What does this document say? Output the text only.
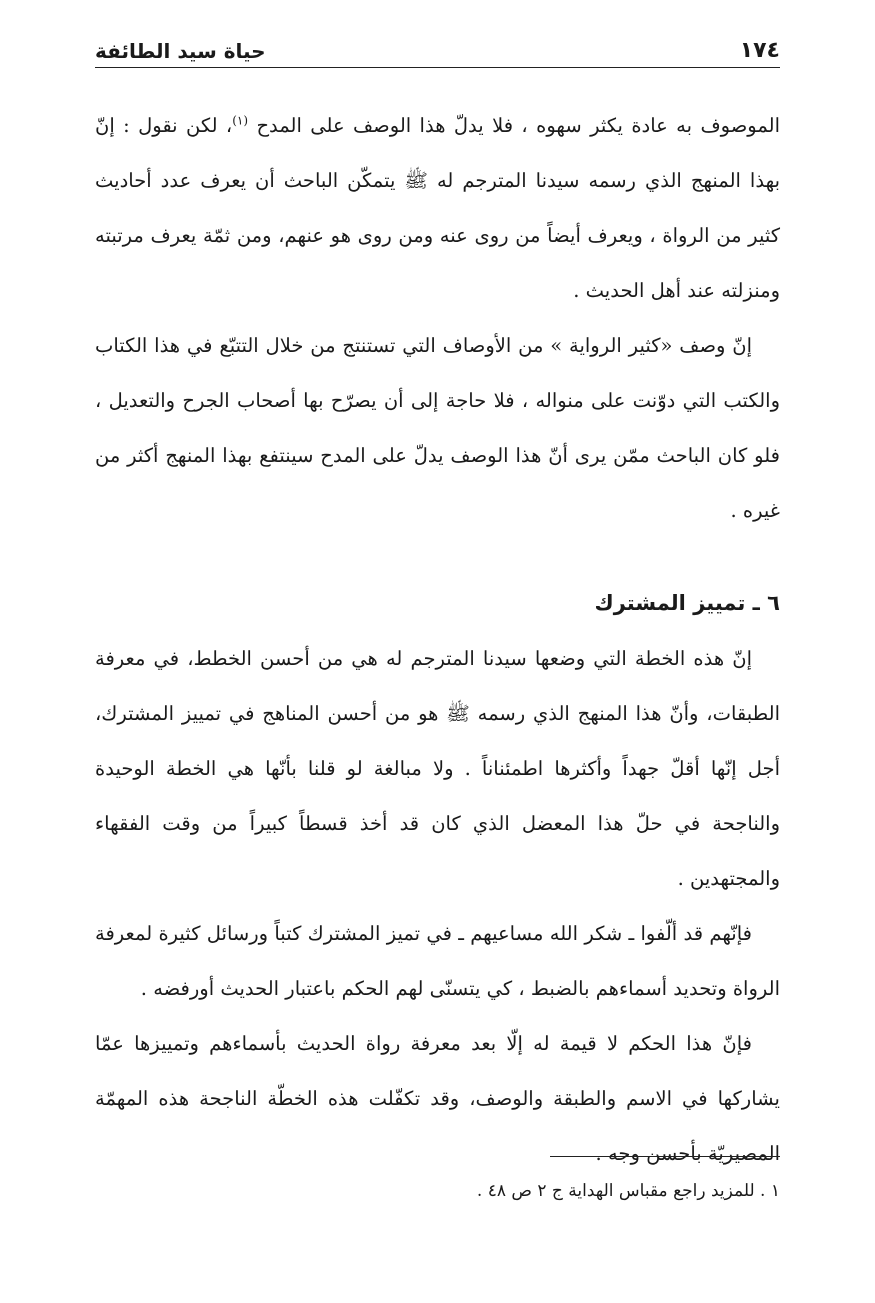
١٧٤
حياة سيد الطائفة

الموصوف به عادة يكثر سهوه ، فلا يدلّ هذا الوصف على المدح $^{(١)}$، لكن نقول : إنّ بهذا المنهج الذي رسمه سيدنا المترجم له ﷺ يتمكّن الباحث أن يعرف عدد أحاديث كثير من الرواة ، ويعرف أيضاً من روى عنه ومن روى هو عنهم، ومن ثمّة يعرف مرتبته ومنزلته عند أهل الحديث .

إنّ وصف «كثير الرواية » من الأوصاف التي تستنتج من خلال التتبّع في هذا الكتاب والكتب التي دوّنت على منواله ، فلا حاجة إلى أن يصرّح بها أصحاب الجرح والتعديل ، فلو كان الباحث ممّن يرى أنّ هذا الوصف يدلّ على المدح سينتفع بهذا المنهج أكثر من غيره .

٦ ـ تمييز المشترك

إنّ هذه الخطة التي وضعها سيدنا المترجم له هي من أحسن الخطط، في معرفة الطبقات، وأنّ هذا المنهج الذي رسمه ﷺ هو من أحسن المناهج في تمييز المشترك، أجل إنّها أقلّ جهداً وأكثرها اطمئناناً . ولا مبالغة لو قلنا بأنّها هي الخطة الوحيدة والناجحة في حلّ هذا المعضل الذي كان قد أخذ قسطاً كبيراً من وقت الفقهاء والمجتهدين .

فإنّهم قد ألّفوا ـ شكر الله مساعيهم ـ في تميز المشترك كتباً ورسائل كثيرة لمعرفة الرواة وتحديد أسماءهم بالضبط ، كي يتسنّى لهم الحكم باعتبار الحديث أورفضه .

فإنّ هذا الحكم لا قيمة له إلّا بعد معرفة رواة الحديث بأسماءهم وتمييزها عمّا يشاركها في الاسم والطبقة والوصف، وقد تكفّلت هذه الخطّة الناجحة هذه المهمّة المصيريّة بأحسن وجه .

١ . للمزيد راجع مقباس الهداية ج ٢ ص ٤٨ .
